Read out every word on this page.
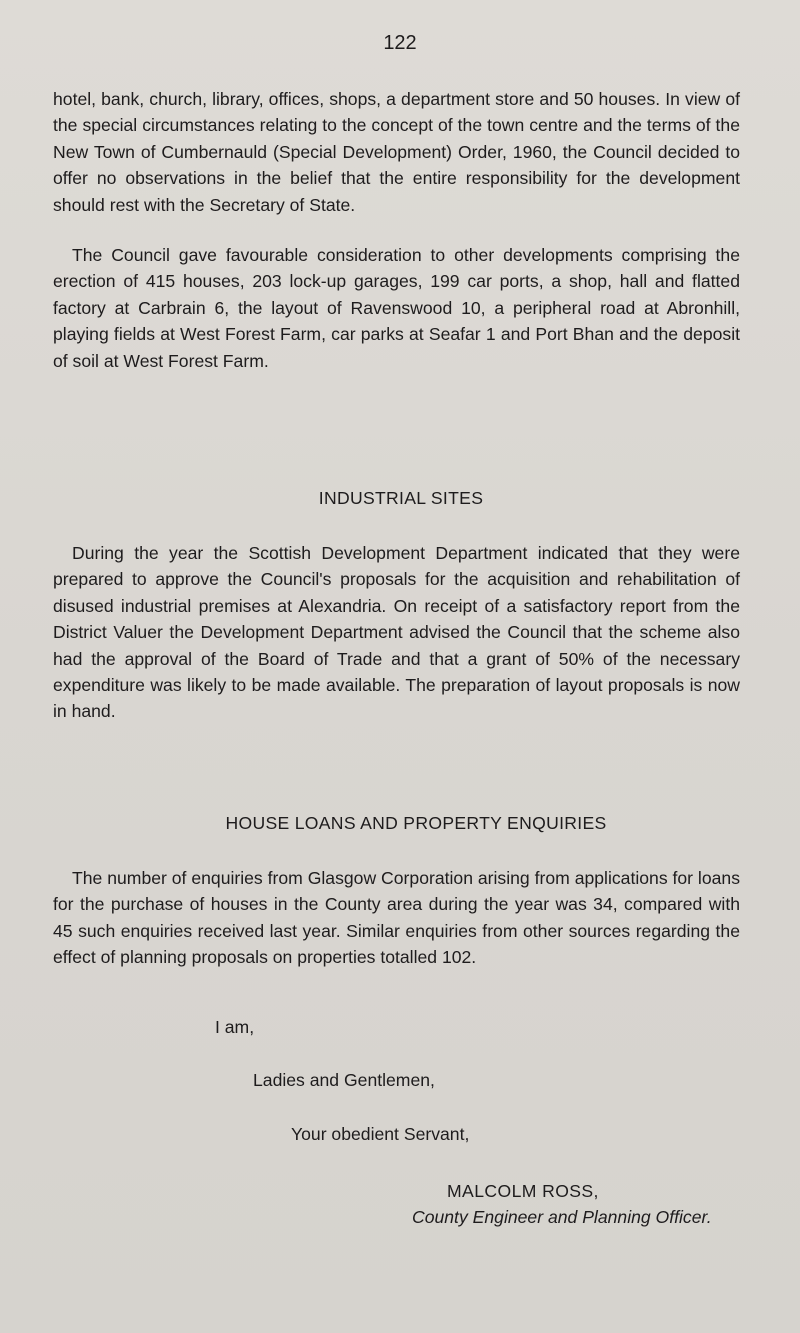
122

hotel, bank, church, library, offices, shops, a department store and 50 houses. In view of the special circumstances relating to the concept of the town centre and the terms of the New Town of Cumbernauld (Special Development) Order, 1960, the Council decided to offer no observations in the belief that the entire responsibility for the development should rest with the Secretary of State.

The Council gave favourable consideration to other developments comprising the erection of 415 houses, 203 lock-up garages, 199 car ports, a shop, hall and flatted factory at Carbrain 6, the layout of Ravenswood 10, a peripheral road at Abronhill, playing fields at West Forest Farm, car parks at Seafar 1 and Port Bhan and the deposit of soil at West Forest Farm.

INDUSTRIAL SITES

During the year the Scottish Development Department indicated that they were prepared to approve the Council's proposals for the acquisition and rehabilitation of disused industrial premises at Alexandria. On receipt of a satisfactory report from the District Valuer the Development Department advised the Council that the scheme also had the approval of the Board of Trade and that a grant of 50% of the necessary expenditure was likely to be made available. The preparation of layout proposals is now in hand.

HOUSE LOANS AND PROPERTY ENQUIRIES

The number of enquiries from Glasgow Corporation arising from applications for loans for the purchase of houses in the County area during the year was 34, compared with 45 such enquiries received last year. Similar enquiries from other sources regarding the effect of planning proposals on properties totalled 102.

I am,

Ladies and Gentlemen,

Your obedient Servant,

MALCOLM ROSS,

County Engineer and Planning Officer.
